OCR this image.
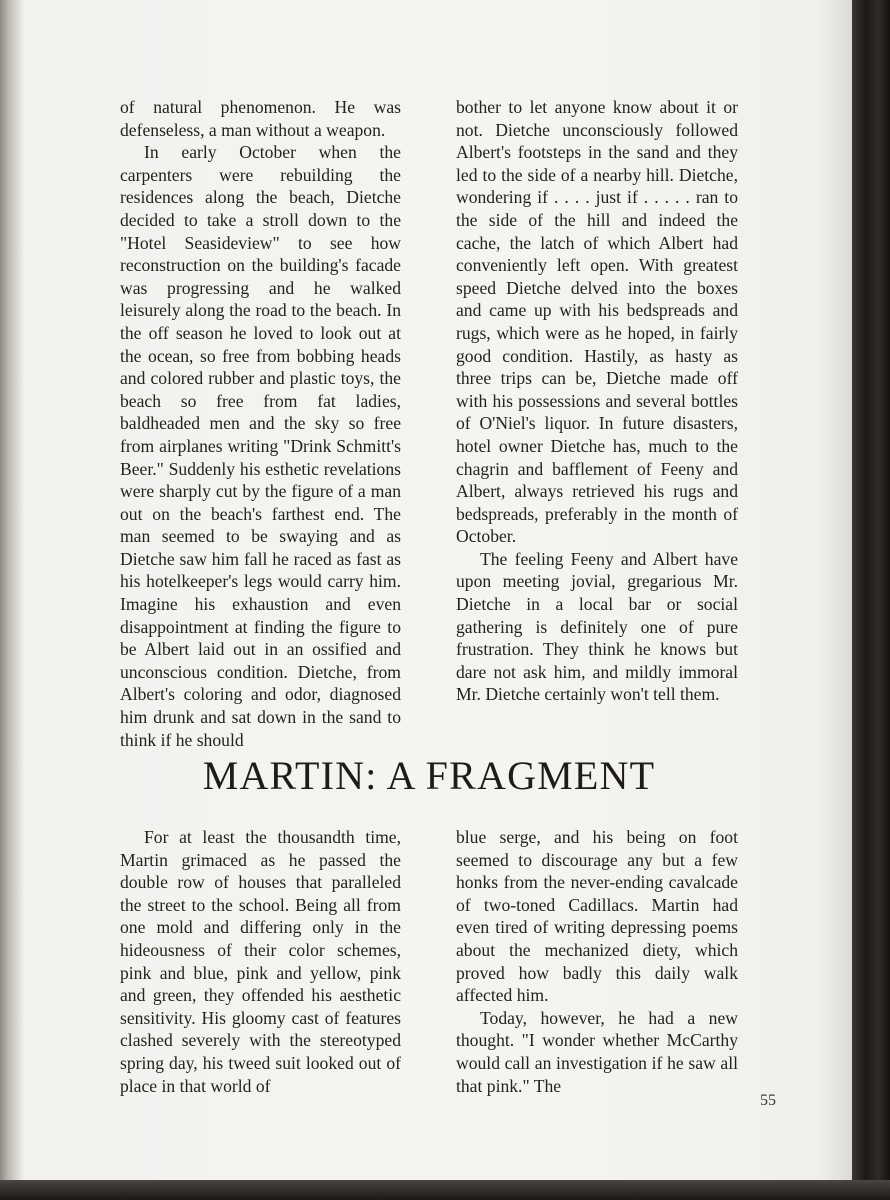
of natural phenomenon. He was defenseless, a man without a weapon.

In early October when the carpenters were rebuilding the residences along the beach, Dietche decided to take a stroll down to the "Hotel Seasideview" to see how reconstruction on the building's facade was progressing and he walked leisurely along the road to the beach. In the off season he loved to look out at the ocean, so free from bobbing heads and colored rubber and plastic toys, the beach so free from fat ladies, baldheaded men and the sky so free from airplanes writing "Drink Schmitt's Beer." Suddenly his esthetic revelations were sharply cut by the figure of a man out on the beach's farthest end. The man seemed to be swaying and as Dietche saw him fall he raced as fast as his hotelkeeper's legs would carry him. Imagine his exhaustion and even disappointment at finding the figure to be Albert laid out in an ossified and unconscious condition. Dietche, from Albert's coloring and odor, diagnosed him drunk and sat down in the sand to think if he should

bother to let anyone know about it or not. Dietche unconsciously followed Albert's footsteps in the sand and they led to the side of a nearby hill. Dietche, wondering if . . . . just if . . . . . ran to the side of the hill and indeed the cache, the latch of which Albert had conveniently left open. With greatest speed Dietche delved into the boxes and came up with his bedspreads and rugs, which were as he hoped, in fairly good condition. Hastily, as hasty as three trips can be, Dietche made off with his possessions and several bottles of O'Niel's liquor. In future disasters, hotel owner Dietche has, much to the chagrin and bafflement of Feeny and Albert, always retrieved his rugs and bedspreads, preferably in the month of October.

The feeling Feeny and Albert have upon meeting jovial, gregarious Mr. Dietche in a local bar or social gathering is definitely one of pure frustration. They think he knows but dare not ask him, and mildly immoral Mr. Dietche certainly won't tell them.

MARTIN: A FRAGMENT

For at least the thousandth time, Martin grimaced as he passed the double row of houses that paralleled the street to the school. Being all from one mold and differing only in the hideousness of their color schemes, pink and blue, pink and yellow, pink and green, they offended his aesthetic sensitivity. His gloomy cast of features clashed severely with the stereotyped spring day, his tweed suit looked out of place in that world of

blue serge, and his being on foot seemed to discourage any but a few honks from the never-ending cavalcade of two-toned Cadillacs. Martin had even tired of writing depressing poems about the mechanized diety, which proved how badly this daily walk affected him.

Today, however, he had a new thought. "I wonder whether McCarthy would call an investigation if he saw all that pink." The

55
